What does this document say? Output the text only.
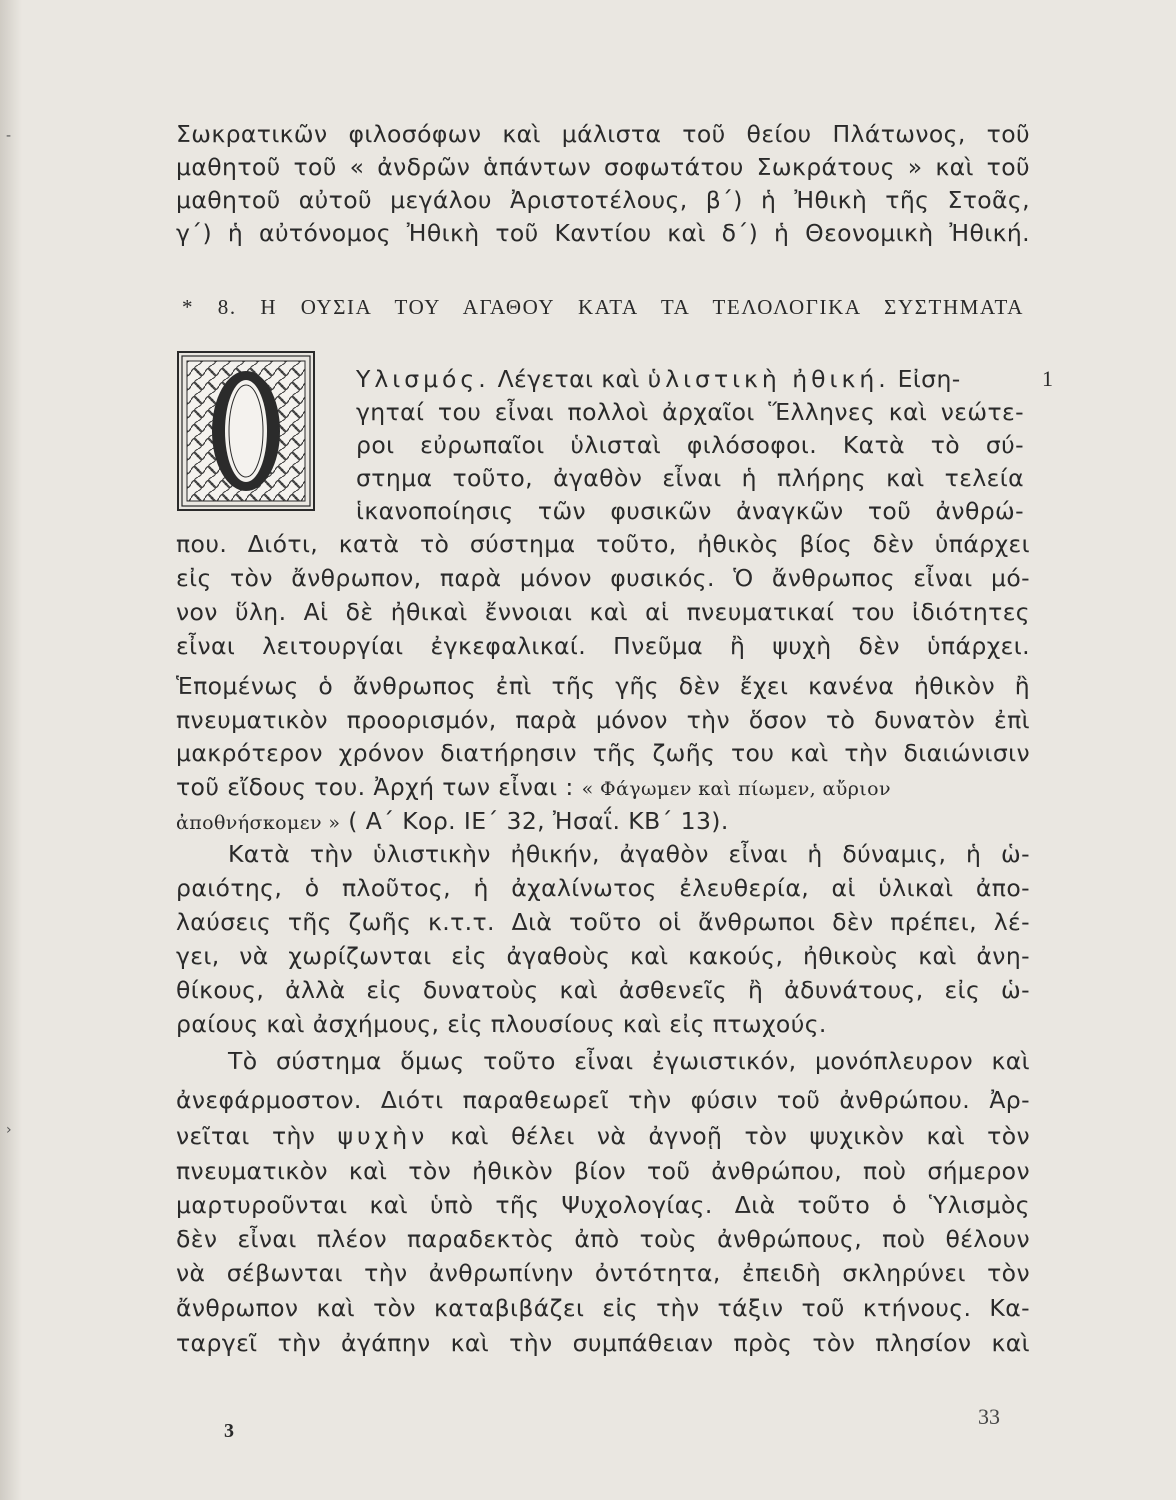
-
›
Σωκρατικῶν φιλοσόφων καὶ μάλιστα τοῦ θείου Πλάτωνος, τοῦ
μαθητοῦ τοῦ « ἀνδρῶν ἁπάντων σοφωτάτου Σωκράτους » καὶ τοῦ
μαθητοῦ αὐτοῦ μεγάλου Ἀριστοτέλους, β΄) ἡ Ἠθικὴ τῆς Στοᾶς,
γ΄) ἡ αὐτόνομος Ἠθικὴ τοῦ Καντίου καὶ δ΄) ἡ Θεονομικὴ Ἠθική.
* 8. Η ΟΥΣΙΑ ΤΟΥ ΑΓΑΘΟΥ ΚΑΤΑ ΤΑ ΤΕΛΟΛΟΓΙΚΑ ΣΥΣΤΗΜΑΤΑ
Υλισμός. Λέγεται καὶ ὑλιστικὴ ἠθική. Εἰση-
γηταί του εἶναι πολλοὶ ἀρχαῖοι Ἕλληνες καὶ νεώτε-
ροι εὐρωπαῖοι ὑλισταὶ φιλόσοφοι. Κατὰ τὸ σύ-
στημα τοῦτο, ἀγαθὸν εἶναι ἡ πλήρης καὶ τελεία
ἱκανοποίησις τῶν φυσικῶν ἀναγκῶν τοῦ ἀνθρώ-
1
που. Διότι, κατὰ τὸ σύστημα τοῦτο, ἠθικὸς βίος δὲν ὑπάρχει
εἰς τὸν ἄνθρωπον, παρὰ μόνον φυσικός. Ὁ ἄνθρωπος εἶναι μό-
νον ὕλη. Αἱ δὲ ἠθικαὶ ἔννοιαι καὶ αἱ πνευματικαί του ἰδιότητες
εἶναι λειτουργίαι ἐγκεφαλικαί. Πνεῦμα ἢ ψυχὴ δὲν ὑπάρχει.
Ἑπομένως ὁ ἄνθρωπος ἐπὶ τῆς γῆς δὲν ἔχει κανένα ἠθικὸν ἢ
πνευματικὸν προορισμόν, παρὰ μόνον τὴν ὅσον τὸ δυνατὸν ἐπὶ
μακρότερον χρόνον διατήρησιν τῆς ζωῆς του καὶ τὴν διαιώνισιν
τοῦ εἴδους του. Ἀρχή των εἶναι : « Φάγωμεν καὶ πίωμεν, αὔριον
ἀποθνήσκομεν » ( Α΄ Κορ. ΙΕ΄ 32, Ἠσαΐ. ΚΒ΄ 13).
Κατὰ τὴν ὑλιστικὴν ἠθικήν, ἀγαθὸν εἶναι ἡ δύναμις, ἡ ὡ-
ραιότης, ὁ πλοῦτος, ἡ ἀχαλίνωτος ἐλευθερία, αἱ ὑλικαὶ ἀπο-
λαύσεις τῆς ζωῆς κ.τ.τ. Διὰ τοῦτο οἱ ἄνθρωποι δὲν πρέπει, λέ-
γει, νὰ χωρίζωνται εἰς ἀγαθοὺς καὶ κακούς, ἠθικοὺς καὶ ἀνη-
θίκους, ἀλλὰ εἰς δυνατοὺς καὶ ἀσθενεῖς ἢ ἀδυνάτους, εἰς ὡ-
ραίους καὶ ἀσχήμους, εἰς πλουσίους καὶ εἰς πτωχούς.
Τὸ σύστημα ὅμως τοῦτο εἶναι ἐγωιστικόν, μονόπλευρον καὶ
ἀνεφάρμοστον. Διότι παραθεωρεῖ τὴν φύσιν τοῦ ἀνθρώπου. Ἀρ-
νεῖται τὴν ψυχὴν καὶ θέλει νὰ ἀγνοῇ τὸν ψυχικὸν καὶ τὸν
πνευματικὸν καὶ τὸν ἠθικὸν βίον τοῦ ἀνθρώπου, ποὺ σήμερον
μαρτυροῦνται καὶ ὑπὸ τῆς Ψυχολογίας. Διὰ τοῦτο ὁ Ὑλισμὸς
δὲν εἶναι πλέον παραδεκτὸς ἀπὸ τοὺς ἀνθρώπους, ποὺ θέλουν
νὰ σέβωνται τὴν ἀνθρωπίνην ὀντότητα, ἐπειδὴ σκληρύνει τὸν
ἄνθρωπον καὶ τὸν καταβιβάζει εἰς τὴν τάξιν τοῦ κτήνους. Κα-
ταργεῖ τὴν ἀγάπην καὶ τὴν συμπάθειαν πρὸς τὸν πλησίον καὶ
33
3
